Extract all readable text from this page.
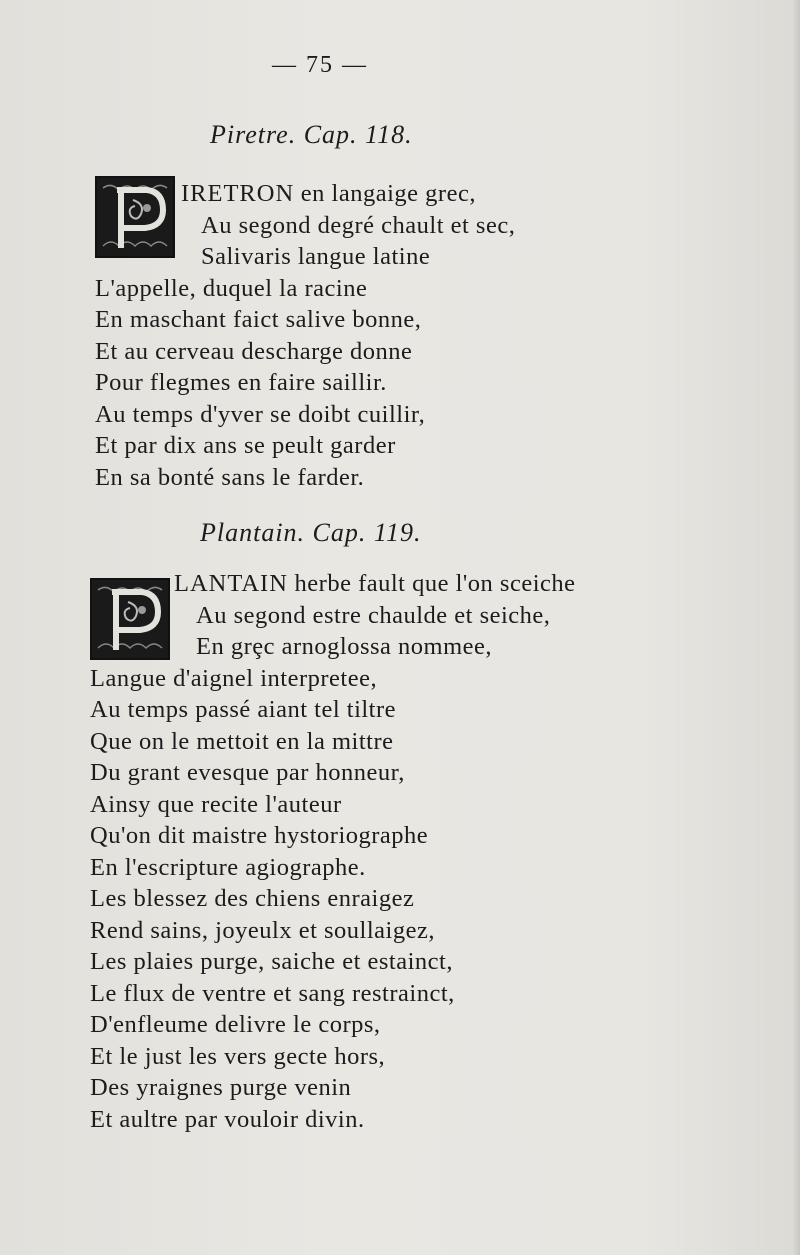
— 75 —
Piretre. Cap. 118.
IRETRON en langaige grec,
Au segond degré chault et sec,
Salivaris langue latine
L'appelle, duquel la racine
En maschant faict salive bonne,
Et au cerveau descharge donne
Pour flegmes en faire saillir.
Au temps d'yver se doibt cuillir,
Et par dix ans se peult garder
En sa bonté sans le farder.
Plantain. Cap. 119.
LANTAIN herbe fault que l'on sceiche
Au segond estre chaulde et seiche,
En grȩc arnoglossa nommee,
Langue d'aignel interpretee,
Au temps passé aiant tel tiltre
Que on le mettoit en la mittre
Du grant evesque par honneur,
Ainsy que recite l'auteur
Qu'on dit maistre hystoriographe
En l'escripture agiographe.
Les blessez des chiens enraigez
Rend sains, joyeulx et soullaigez,
Les plaies purge, saiche et estainct,
Le flux de ventre et sang restrainct,
D'enfleume delivre le corps,
Et le just les vers gecte hors,
Des yraignes purge venin
Et aultre par vouloir divin.
